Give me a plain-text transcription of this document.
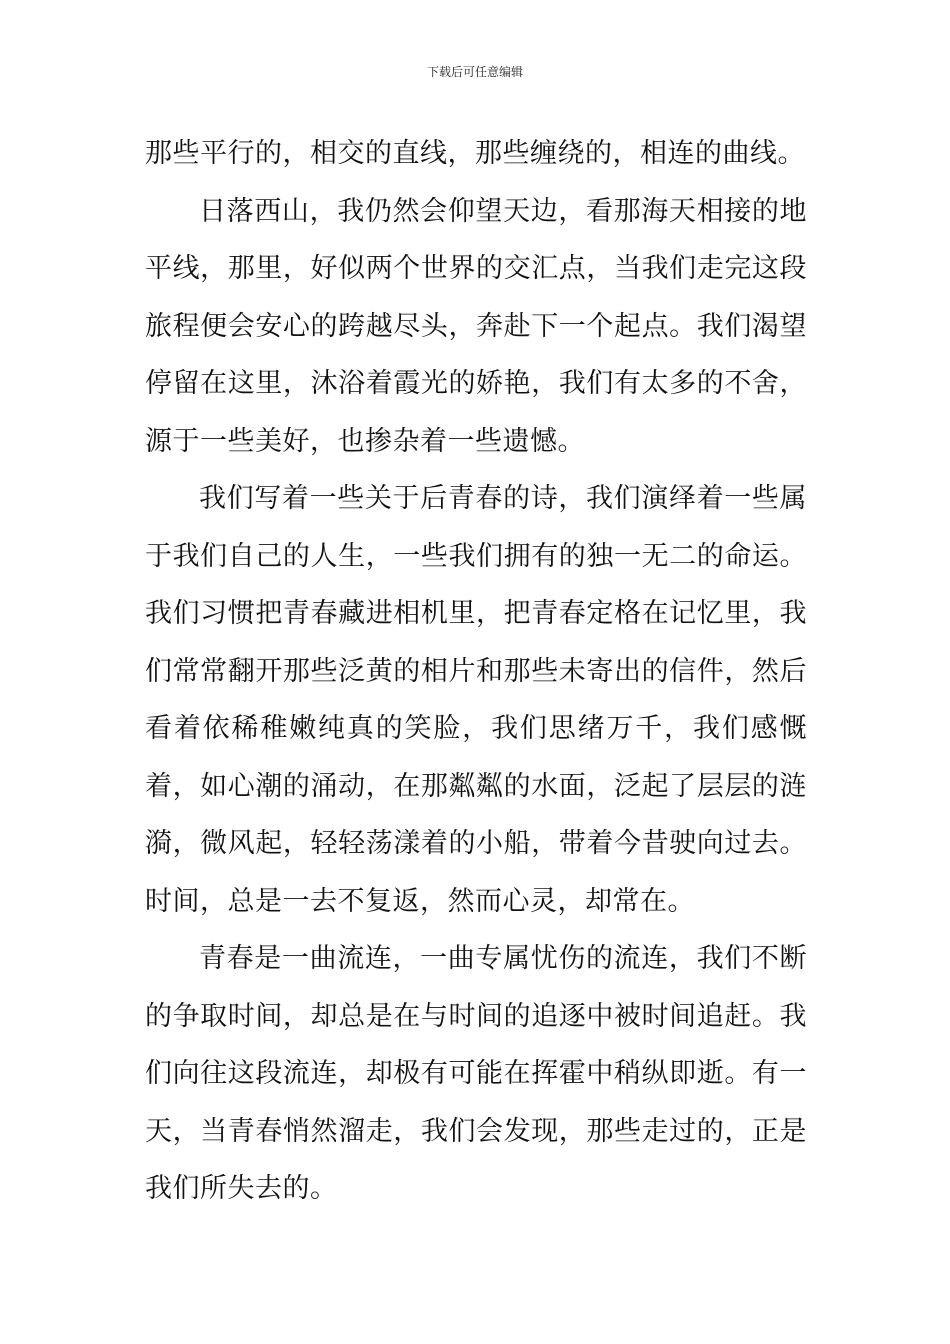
下载后可任意编辑

那些平行的，相交的直线，那些缠绕的，相连的曲线。

日落西山，我仍然会仰望天边，看那海天相接的地平线，那里，好似两个世界的交汇点，当我们走完这段旅程便会安心的跨越尽头，奔赴下一个起点。我们渴望停留在这里，沐浴着霞光的娇艳，我们有太多的不舍，源于一些美好，也掺杂着一些遗憾。

我们写着一些关于后青春的诗，我们演绎着一些属于我们自己的人生，一些我们拥有的独一无二的命运。我们习惯把青春藏进相机里，把青春定格在记忆里，我们常常翻开那些泛黄的相片和那些未寄出的信件，然后看着依稀稚嫩纯真的笑脸，我们思绪万千，我们感慨着，如心潮的涌动，在那粼粼的水面，泛起了层层的涟漪，微风起，轻轻荡漾着的小船，带着今昔驶向过去。时间，总是一去不复返，然而心灵，却常在。

青春是一曲流连，一曲专属忧伤的流连，我们不断的争取时间，却总是在与时间的追逐中被时间追赶。我们向往这段流连，却极有可能在挥霍中稍纵即逝。有一天，当青春悄然溜走，我们会发现，那些走过的，正是我们所失去的。
